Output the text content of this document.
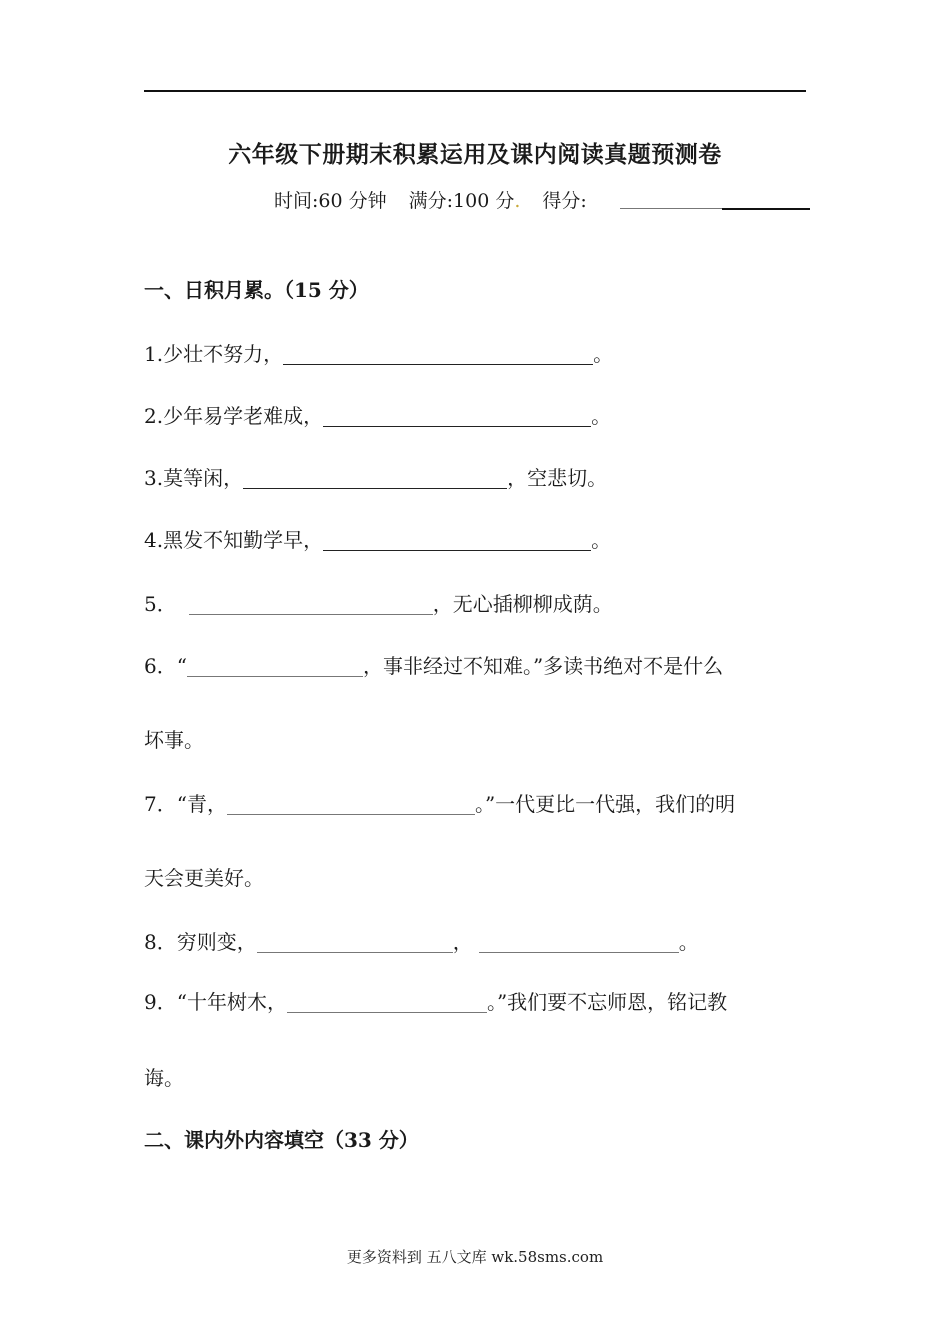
六年级下册期末积累运用及课内阅读真题预测卷
时间:60 分钟 满分:100 分. 得分:
一、日积月累。（15 分）
1.少壮不努力，	。
2.少年易学老难成，	。
3.莫等闲，	，空悲切。
4.黑发不知勤学早，	。
5．	，无心插柳柳成荫。
6．“	，事非经过不知难。”多读书绝对不是什么
坏事。
7．“青，	。”一代更比一代强，我们的明
天会更美好。
8．穷则变，	，	。
9．“十年树木，	。”我们要不忘师恩，铭记教
诲。
二、课内外内容填空（33 分）
更多资料到 五八文库 wk.58sms.com
